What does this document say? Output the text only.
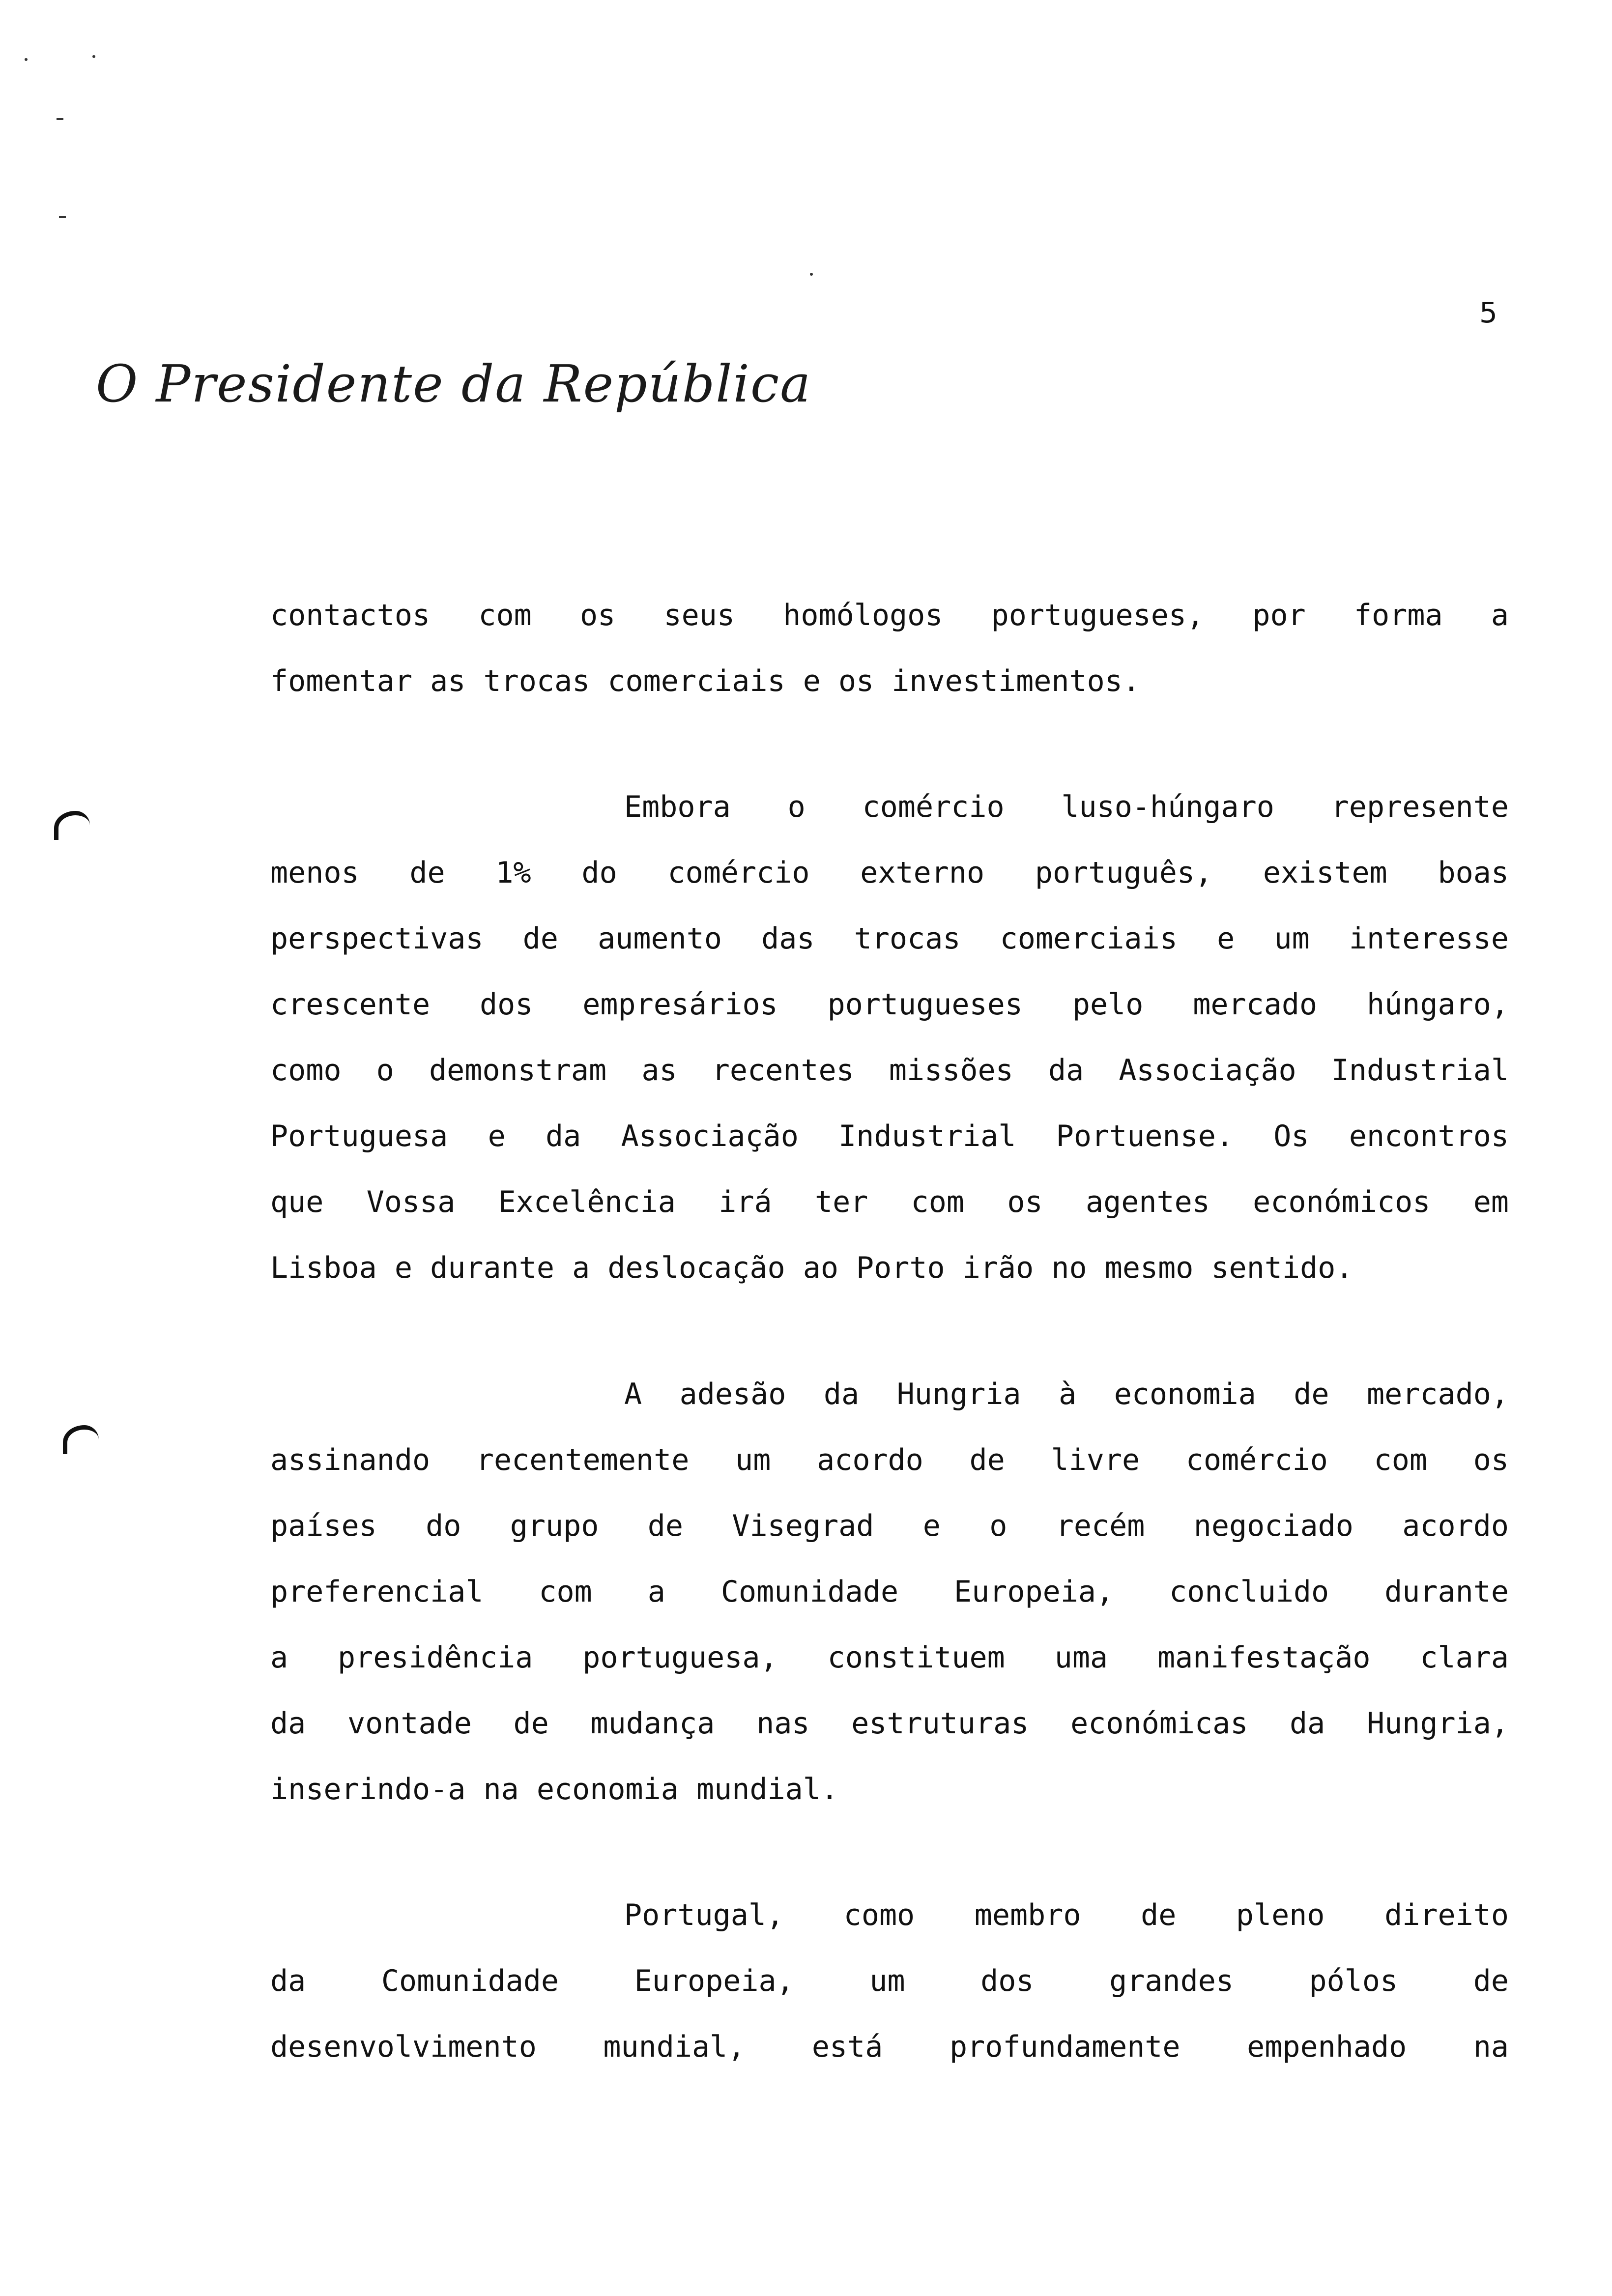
5
O Presidente da República
contactos com os seus homólogos portugueses, por forma a
fomentar as trocas comerciais e os investimentos.
Embora o comércio luso-húngaro represente
menos de 1% do comércio externo português, existem boas
perspectivas de aumento das trocas comerciais e um interesse
crescente dos empresários portugueses pelo mercado húngaro,
como o demonstram as recentes missões da Associação Industrial
Portuguesa e da Associação Industrial Portuense. Os encontros
que Vossa Excelência irá ter com os agentes económicos em
Lisboa e durante a deslocação ao Porto irão no mesmo sentido.
A adesão da Hungria à economia de mercado,
assinando recentemente um acordo de livre comércio com os
países do grupo de Visegrad e o recém negociado acordo
preferencial com a Comunidade Europeia, concluido durante
a presidência portuguesa, constituem uma manifestação clara
da vontade de mudança nas estruturas económicas da Hungria,
inserindo-a na economia mundial.
Portugal, como membro de pleno direito
da Comunidade Europeia, um dos grandes pólos de
desenvolvimento mundial, está profundamente empenhado na
